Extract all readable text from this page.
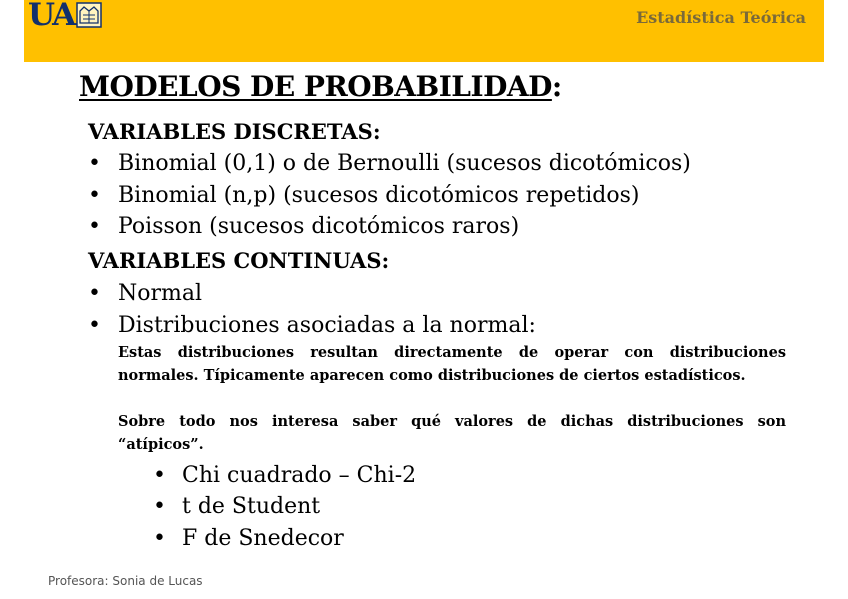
UA	Estadística Teórica
MODELOS DE PROBABILIDAD:
VARIABLES DISCRETAS:
• Binomial (0,1) o de Bernoulli (sucesos dicotómicos)
• Binomial (n,p) (sucesos dicotómicos repetidos)
• Poisson (sucesos dicotómicos raros)
VARIABLES CONTINUAS:
• Normal
• Distribuciones asociadas a la normal:

Estas distribuciones resultan directamente de operar con distribuciones normales. Típicamente aparecen como distribuciones de ciertos estadísticos.

Sobre todo nos interesa saber qué valores de dichas distribuciones son “atípicos”.

• Chi cuadrado – Chi-2
• t de Student
• F de Snedecor
Profesora: Sonia de Lucas
